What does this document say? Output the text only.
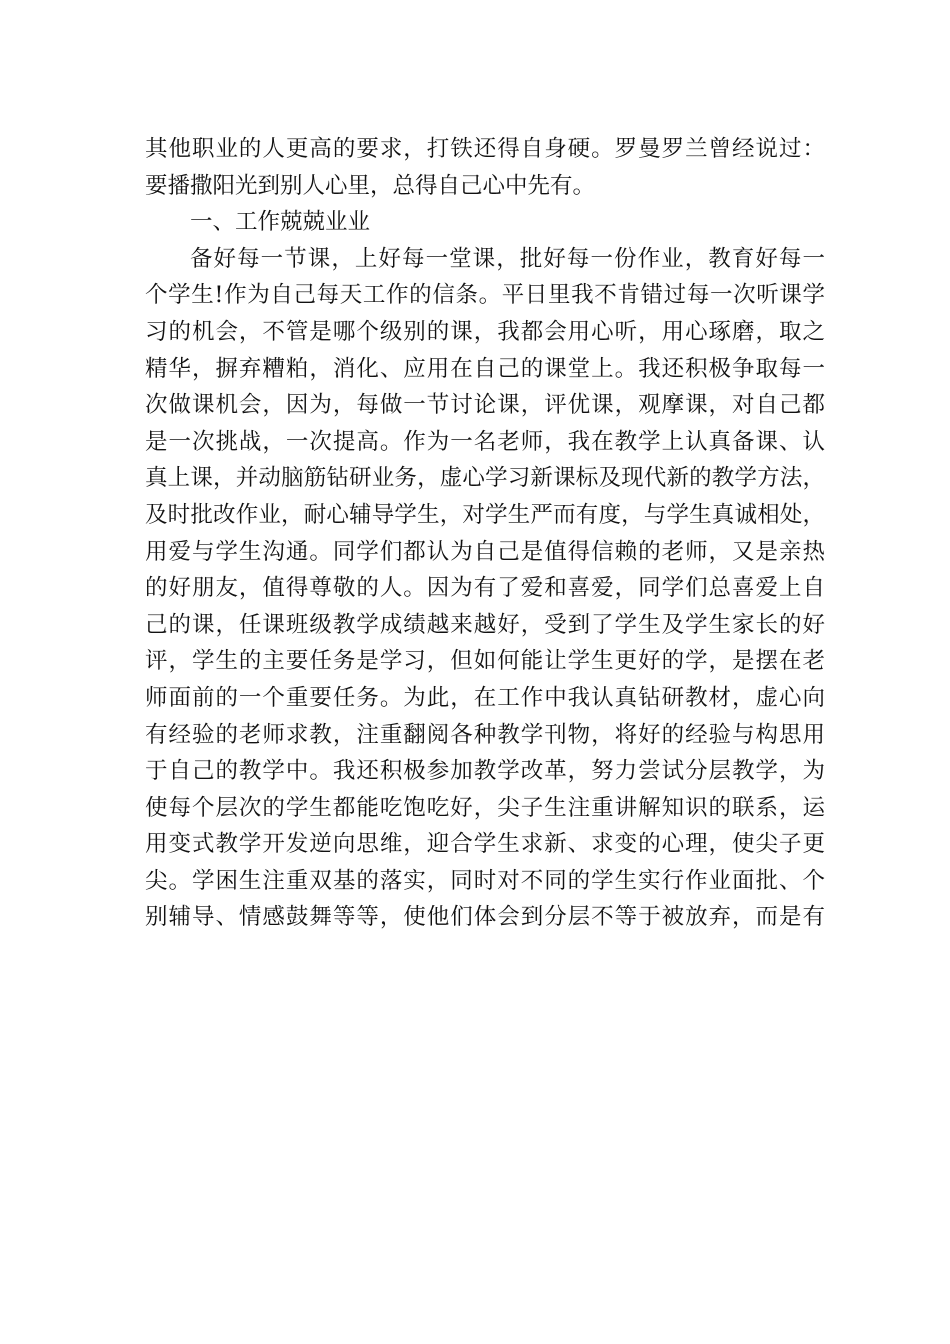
其他职业的人更高的要求，打铁还得自身硬。罗曼罗兰曾经说过：
要播撒阳光到别人心里，总得自己心中先有。
一、工作兢兢业业
备好每一节课，上好每一堂课，批好每一份作业，教育好每一
个学生!作为自己每天工作的信条。平日里我不肯错过每一次听课学
习的机会，不管是哪个级别的课，我都会用心听，用心琢磨，取之
精华，摒弃糟粕，消化、应用在自己的课堂上。我还积极争取每一
次做课机会，因为，每做一节讨论课，评优课，观摩课，对自己都
是一次挑战，一次提高。作为一名老师，我在教学上认真备课、认
真上课，并动脑筋钻研业务，虚心学习新课标及现代新的教学方法，
及时批改作业，耐心辅导学生，对学生严而有度，与学生真诚相处，
用爱与学生沟通。同学们都认为自己是值得信赖的老师，又是亲热
的好朋友，值得尊敬的人。因为有了爱和喜爱，同学们总喜爱上自
己的课，任课班级教学成绩越来越好，受到了学生及学生家长的好
评，学生的主要任务是学习，但如何能让学生更好的学，是摆在老
师面前的一个重要任务。为此，在工作中我认真钻研教材，虚心向
有经验的老师求教，注重翻阅各种教学刊物，将好的经验与构思用
于自己的教学中。我还积极参加教学改革，努力尝试分层教学，为
使每个层次的学生都能吃饱吃好，尖子生注重讲解知识的联系，运
用变式教学开发逆向思维，迎合学生求新、求变的心理，使尖子更
尖。学困生注重双基的落实，同时对不同的学生实行作业面批、个
别辅导、情感鼓舞等等，使他们体会到分层不等于被放弃，而是有
